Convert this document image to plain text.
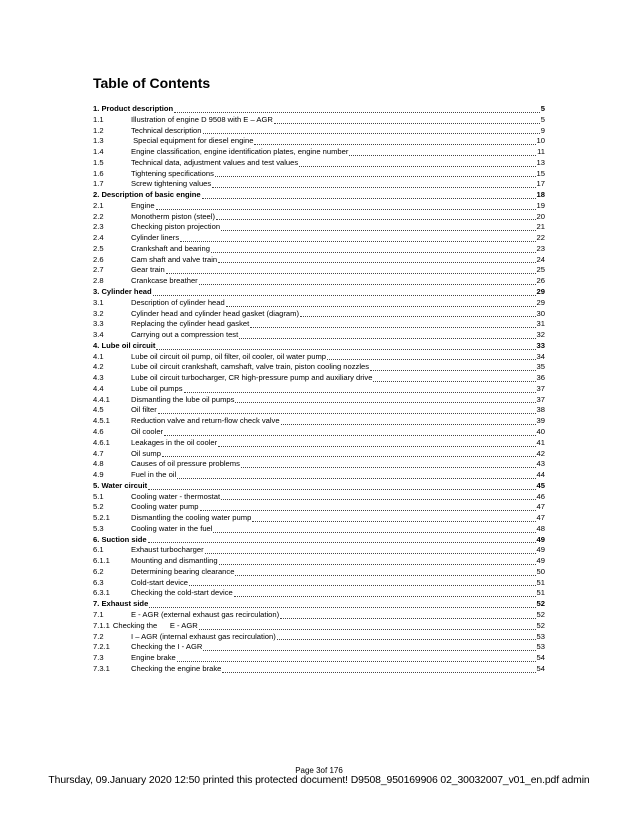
Table of Contents
1. Product description	5
1.1	Illustration of engine D 9508 with E – AGR	5
1.2	Technical description	9
1.3	Special equipment for diesel engine	10
1.4	Engine classification, engine identification plates, engine number	11
1.5	Technical data, adjustment values and test values	13
1.6	Tightening specifications	15
1.7	Screw tightening values	17
2. Description of basic engine	18
2.1	Engine	19
2.2	Monotherm piston (steel)	20
2.3	Checking piston projection	21
2.4	Cylinder liners	22
2.5	Crankshaft and bearing	23
2.6	Cam shaft and valve train	24
2.7	Gear train	25
2.8	Crankcase breather	26
3. Cylinder head	29
3.1	Description of cylinder head	29
3.2	Cylinder head and cylinder head gasket (diagram)	30
3.3	Replacing the cylinder head gasket	31
3.4	Carrying out a compression test	32
4. Lube oil circuit	33
4.1	Lube oil circuit oil pump, oil filter, oil cooler, oil water pump	34
4.2	Lube oil circuit crankshaft, camshaft, valve train, piston cooling nozzles	35
4.3	Lube oil circuit turbocharger, CR high-pressure pump and auxiliary drive	36
4.4	Lube oil pumps	37
4.4.1	Dismantling the lube oil pumps	37
4.5	Oil filter	38
4.5.1	Reduction valve and return-flow check valve	39
4.6	Oil cooler	40
4.6.1	Leakages in the oil cooler	41
4.7	Oil sump	42
4.8	Causes of oil pressure problems	43
4.9	Fuel in the oil	44
5. Water circuit	45
5.1	Cooling water - thermostat	46
5.2	Cooling water pump	47
5.2.1	Dismantling the cooling water pump	47
5.3	Cooling water in the fuel	48
6. Suction side	49
6.1	Exhaust turbocharger	49
6.1.1	Mounting and dismantling	49
6.2	Determining bearing clearance	50
6.3	Cold-start device	51
6.3.1	Checking the cold-start device	51
7. Exhaust side	52
7.1	E - AGR (external exhaust gas recirculation)	52
7.1.1 Checking the      E - AGR	52
7.2	I – AGR (internal exhaust gas recirculation)	53
7.2.1	Checking the I - AGR	53
7.3	Engine brake	54
7.3.1	Checking the engine brake	54
Page 3of 176
Thursday, 09.January 2020 12:50 printed this protected document! D9508_950169906 02_30032007_v01_en.pdf admin
